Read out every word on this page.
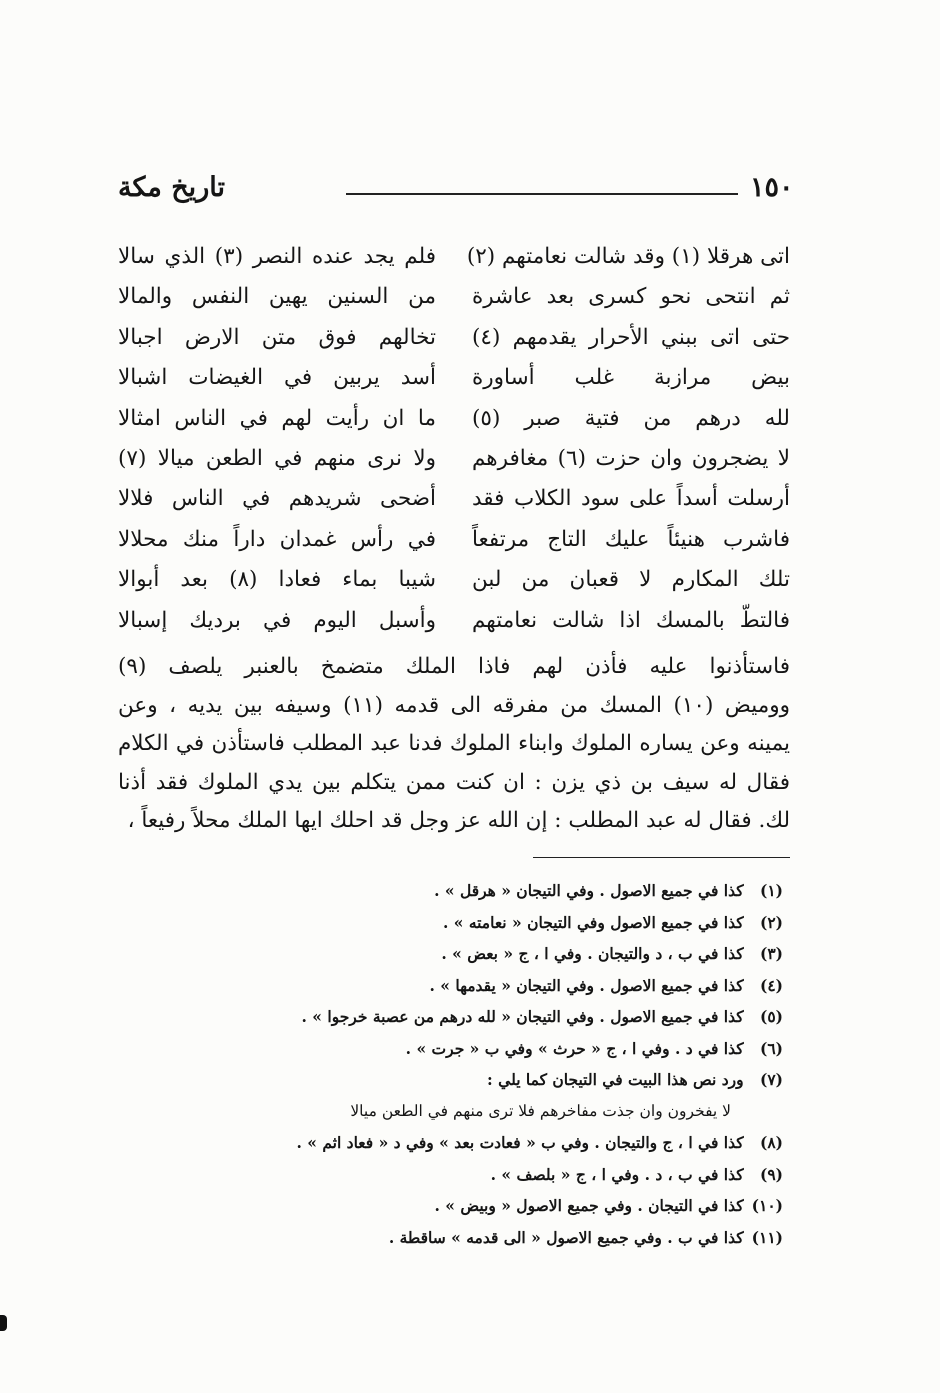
١٥٠
تاريخ مكة
اتى هرقلا (١) وقد شالت نعامتهم (٢)
ثم انتحى نحو كسرى بعد عاشرة
حتى اتى ببني الأحرار يقدمهم (٤)
بيض مرازبة غلب أساورة
لله درهم من فتية صبر (٥)
لا يضجرون وان حزت (٦) مغافرهم
أرسلت أسداً على سود الكلاب فقد
فاشرب هنيئاً عليك التاج مرتفعاً
تلك المكارم لا قعبان من لبن
فالتطّ بالمسك اذا شالت نعامتهم
فلم يجد عنده النصر (٣) الذي سالا
من السنين يهين النفس والمالا
تخالهم فوق متن الارض اجبالا
أسد يربين في الغيضات اشبالا
ما ان رأيت لهم في الناس امثالا
ولا نرى منهم في الطعن ميالا (٧)
أضحى شريدهم في الناس فلالا
في رأس غمدان داراً منك محلالا
شيبا بماء فعادا (٨) بعد أبوالا
وأسبل اليوم في برديك إسبالا
فاستأذنوا عليه فأذن لهم فاذا الملك متضمخ بالعنبر يلصف (٩)
ووميض (١٠) المسك من مفرقه الى قدمه (١١) وسيفه بين يديه ، وعن
يمينه وعن يساره الملوك وابناء الملوك فدنا عبد المطلب فاستأذن في الكلام
فقال له سيف بن ذي يزن : ان كنت ممن يتكلم بين يدي الملوك فقد أذنا
لك. فقال له عبد المطلب : إن الله عز وجل قد احلك ايها الملك محلاً رفيعاً ،
(١) كذا في جميع الاصول . وفي التيجان « هرقل » .
(٢) كذا في جميع الاصول وفي التيجان « نعامته » .
(٣) كذا في ب ، د والتيجان . وفي ا ، ج « بعض » .
(٤) كذا في جميع الاصول . وفي التيجان « يقدمها » .
(٥) كذا في جميع الاصول . وفي التيجان « لله درهم من عصبة خرجوا » .
(٦) كذا في د . وفي ا ، ج « حرث » وفي ب « جرت » .
(٧) ورد نص هذا البيت في التيجان كما يلي :
لا يفخرون وان جذت مفاخرهم فلا ترى منهم في الطعن ميالا
(٨) كذا في ا ، ج والتيجان . وفي ب « فعادت بعد » وفي د « فعاد اثم » .
(٩) كذا في ب ، د . وفي ا ، ج « بلصف » .
(١٠) كذا في التيجان . وفي جميع الاصول « وبيض » .
(١١) كذا في ب . وفي جميع الاصول « الى قدمه » ساقطة .
